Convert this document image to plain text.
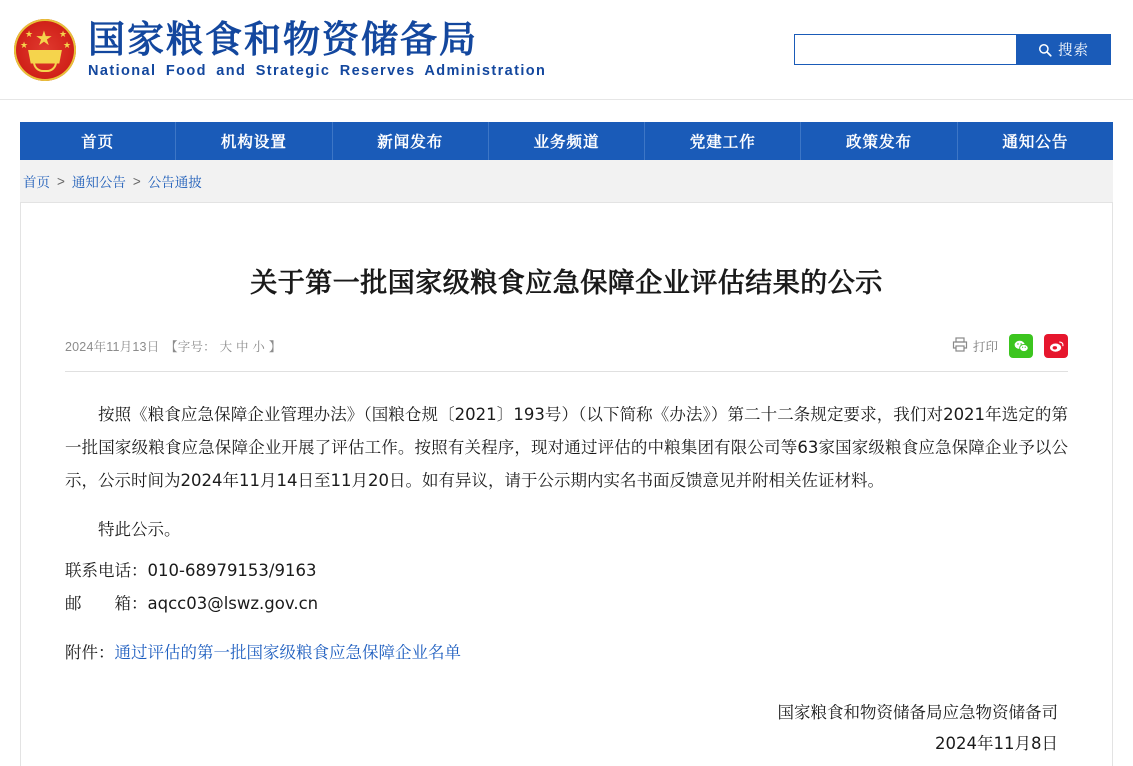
★
★
★
★
★ 国家粮食和物资储备局
National Food and Strategic Reserves Administration
搜索
首页	机构设置	新闻发布	业务频道	党建工作	政策发布	通知公告
首页 > 通知公告 > 公告通披
关于第一批国家级粮食应急保障企业评估结果的公示
2024年11月13日 【字号： 大 中 小 】	打印
按照《粮食应急保障企业管理办法》（国粮仓规〔2021〕193号）（以下简称《办法》）第二十二条规定要求，我们对2021年选定的第一批国家级粮食应急保障企业开展了评估工作。按照有关程序，现对通过评估的中粮集团有限公司等63家国家级粮食应急保障企业予以公示，公示时间为2024年11月14日至11月20日。如有异议，请于公示期内实名书面反馈意见并附相关佐证材料。
特此公示。
联系电话：010-68979153/9163
邮　　箱：aqcc03@lswz.gov.cn
附件：通过评估的第一批国家级粮食应急保障企业名单
国家粮食和物资储备局应急物资储备司
2024年11月8日
